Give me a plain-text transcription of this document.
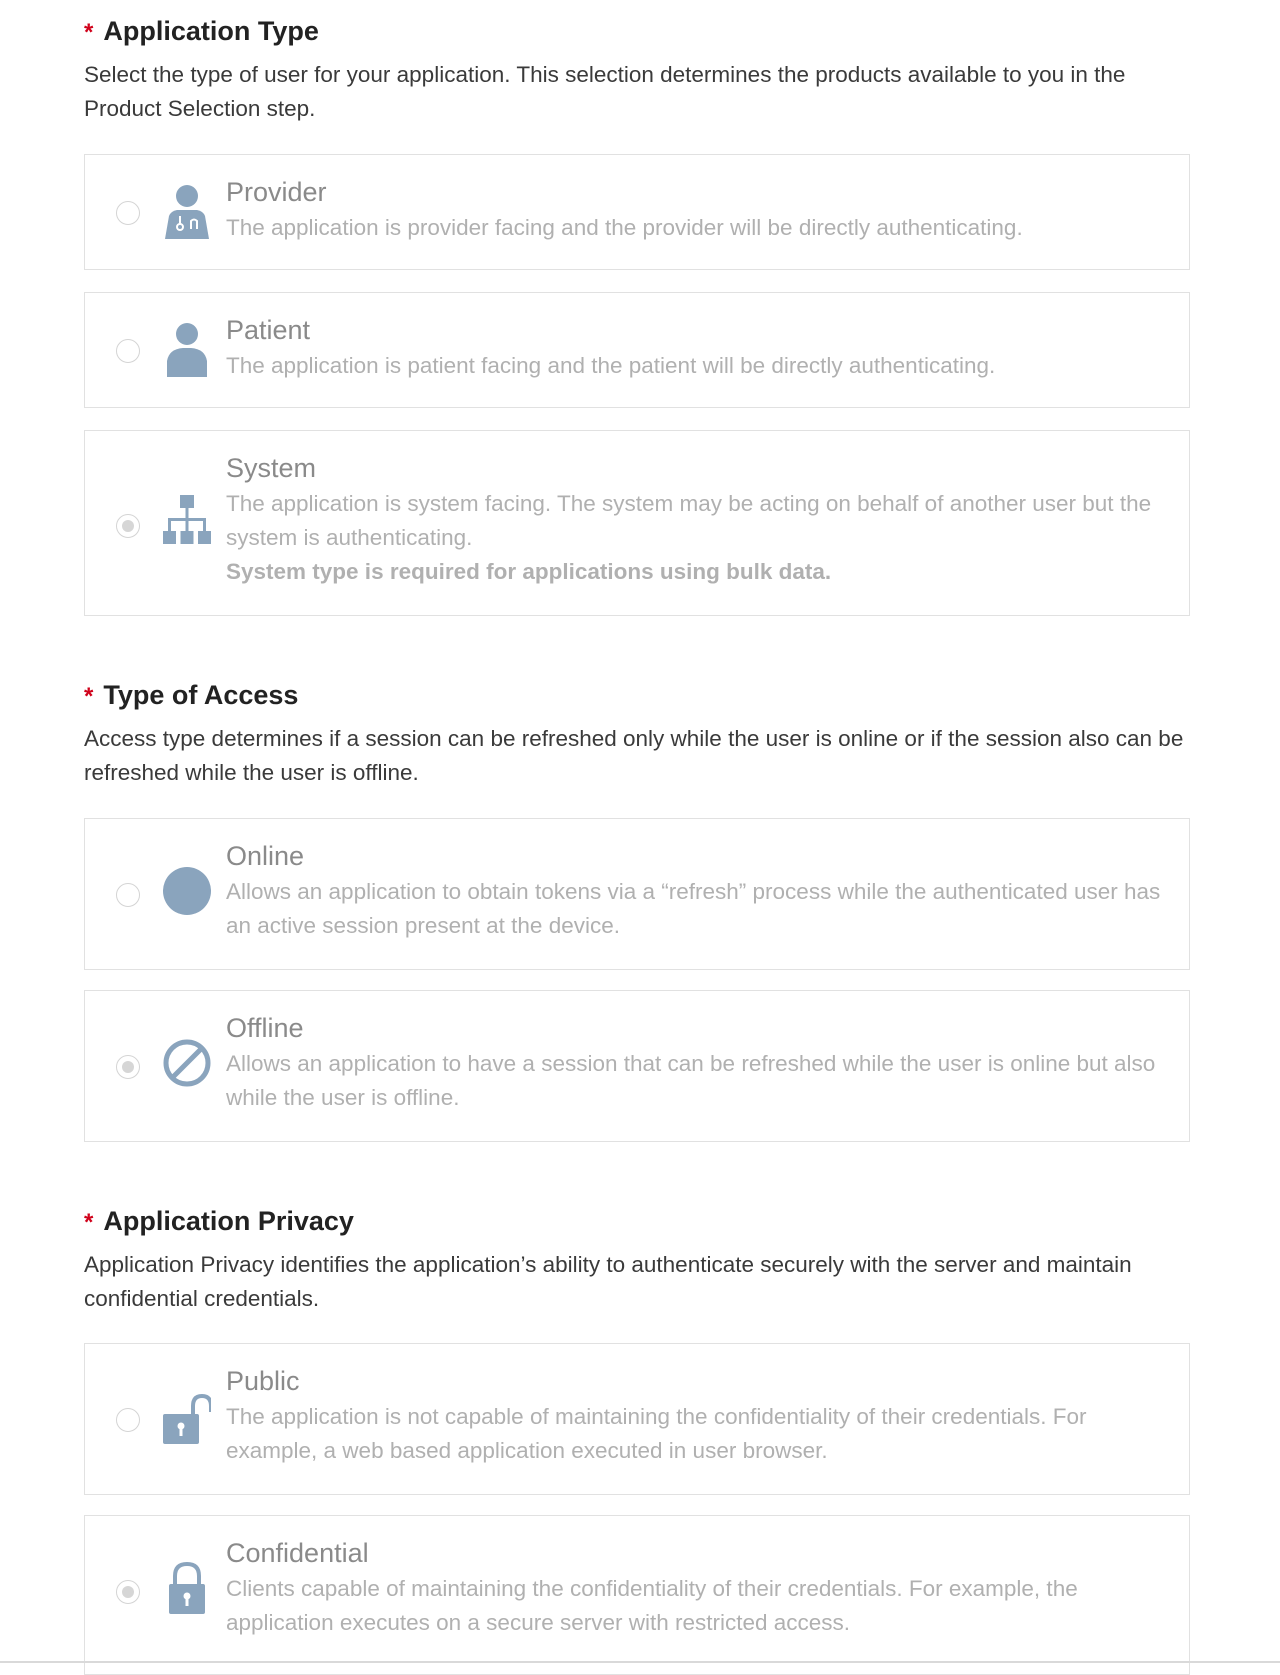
* Application Type
Select the type of user for your application. This selection determines the products available to you in the Product Selection step.
Provider
The application is provider facing and the provider will be directly authenticating.
Patient
The application is patient facing and the patient will be directly authenticating.
System
The application is system facing. The system may be acting on behalf of another user but the system is authenticating.
System type is required for applications using bulk data.
* Type of Access
Access type determines if a session can be refreshed only while the user is online or if the session also can be refreshed while the user is offline.
Online
Allows an application to obtain tokens via a “refresh” process while the authenticated user has an active session present at the device.
Offline
Allows an application to have a session that can be refreshed while the user is online but also while the user is offline.
* Application Privacy
Application Privacy identifies the application’s ability to authenticate securely with the server and maintain confidential credentials.
Public
The application is not capable of maintaining the confidentiality of their credentials. For example, a web based application executed in user browser.
Confidential
Clients capable of maintaining the confidentiality of their credentials. For example, the application executes on a secure server with restricted access.
